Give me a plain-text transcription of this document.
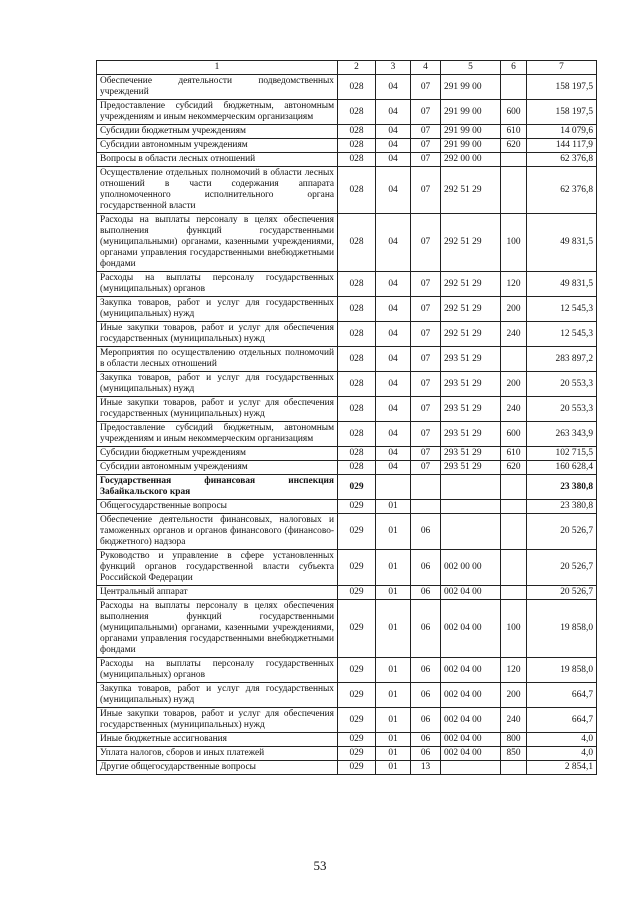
1	2	3	4	5	6	7
Обеспечение деятельности подведомственных учреждений	028	04	07	291 99 00		158 197,5
Предоставление субсидий бюджетным, автономным учреждениям и иным некоммерческим организациям	028	04	07	291 99 00	600	158 197,5
Субсидии бюджетным учреждениям	028	04	07	291 99 00	610	14 079,6
Субсидии автономным учреждениям	028	04	07	291 99 00	620	144 117,9
Вопросы в области лесных отношений	028	04	07	292 00 00		62 376,8
Осуществление отдельных полномочий в области лесных отношений в части содержания аппарата уполномоченного исполнительного органа государственной власти	028	04	07	292 51 29		62 376,8
Расходы на выплаты персоналу в целях обеспечения выполнения функций государственными (муниципальными) органами, казенными учреждениями, органами управления государственными внебюджетными фондами	028	04	07	292 51 29	100	49 831,5
Расходы на выплаты персоналу государственных (муниципальных) органов	028	04	07	292 51 29	120	49 831,5
Закупка товаров, работ и услуг для государственных (муниципальных) нужд	028	04	07	292 51 29	200	12 545,3
Иные закупки товаров, работ и услуг для обеспечения государственных (муниципальных) нужд	028	04	07	292 51 29	240	12 545,3
Мероприятия по осуществлению отдельных полномочий в области лесных отношений	028	04	07	293 51 29		283 897,2
Закупка товаров, работ и услуг для государственных (муниципальных) нужд	028	04	07	293 51 29	200	20 553,3
Иные закупки товаров, работ и услуг для обеспечения государственных (муниципальных) нужд	028	04	07	293 51 29	240	20 553,3
Предоставление субсидий бюджетным, автономным учреждениям и иным некоммерческим организациям	028	04	07	293 51 29	600	263 343,9
Субсидии бюджетным учреждениям	028	04	07	293 51 29	610	102 715,5
Субсидии автономным учреждениям	028	04	07	293 51 29	620	160 628,4
Государственная финансовая инспекция Забайкальского края	029					23 380,8
Общегосударственные вопросы	029	01				23 380,8
Обеспечение деятельности финансовых, налоговых и таможенных органов и органов финансового (финансово-бюджетного) надзора	029	01	06			20 526,7
Руководство и управление в сфере установленных функций органов государственной власти субъекта Российской Федерации	029	01	06	002 00 00		20 526,7
Центральный аппарат	029	01	06	002 04 00		20 526,7
Расходы на выплаты персоналу в целях обеспечения выполнения функций государственными (муниципальными) органами, казенными учреждениями, органами управления государственными внебюджетными фондами	029	01	06	002 04 00	100	19 858,0
Расходы на выплаты персоналу государственных (муниципальных) органов	029	01	06	002 04 00	120	19 858,0
Закупка товаров, работ и услуг для государственных (муниципальных) нужд	029	01	06	002 04 00	200	664,7
Иные закупки товаров, работ и услуг для обеспечения государственных (муниципальных) нужд	029	01	06	002 04 00	240	664,7
Иные бюджетные ассигнования	029	01	06	002 04 00	800	4,0
Уплата налогов, сборов и иных платежей	029	01	06	002 04 00	850	4,0
Другие общегосударственные вопросы	029	01	13			2 854,1
53
